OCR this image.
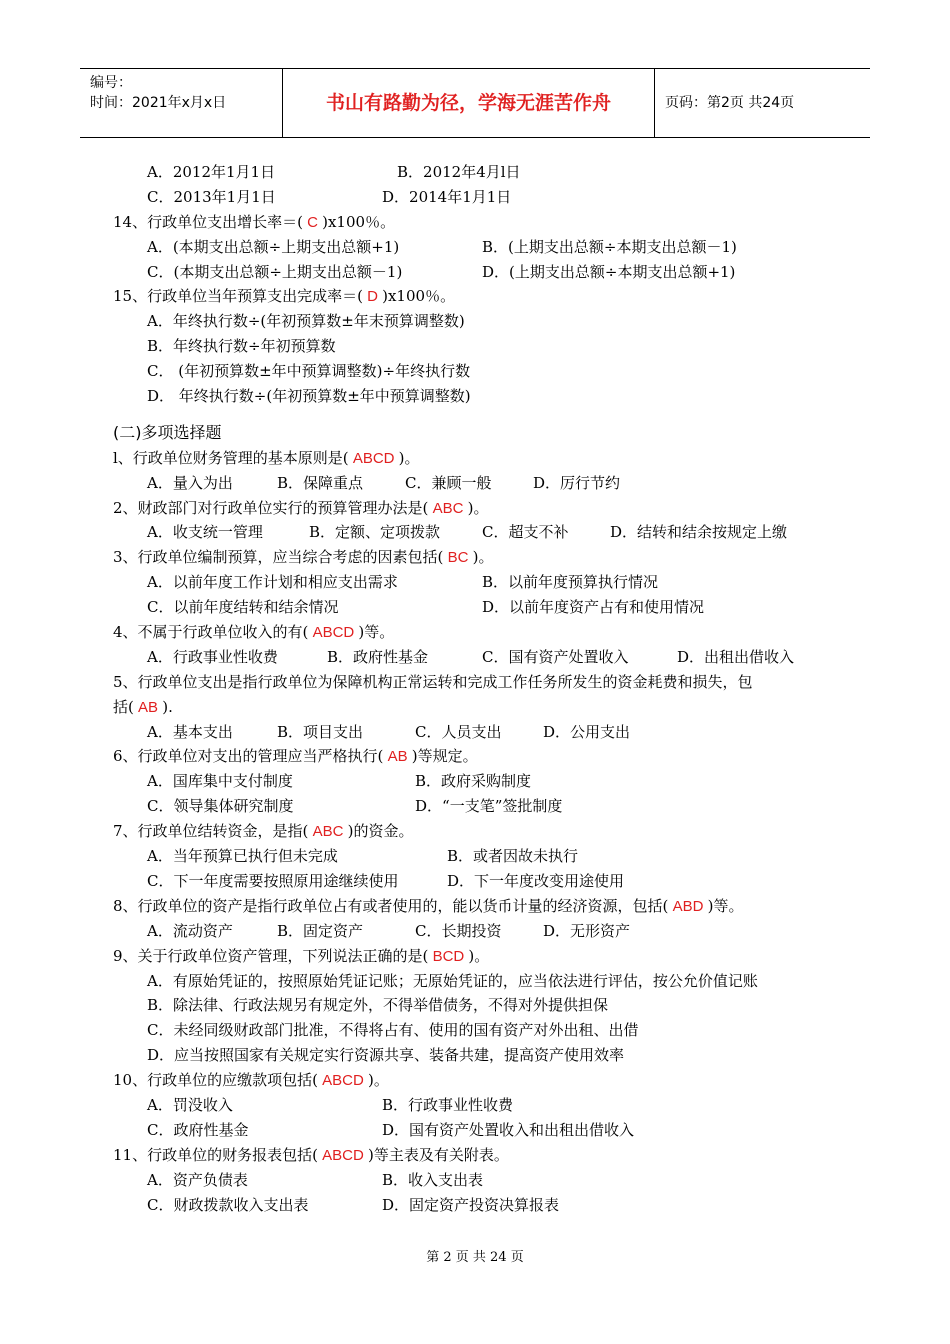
编号：
时间：2021年x月x日	书山有路勤为径，学海无涯苦作舟	页码：第2页 共24页
A．2012年1月1日	B．2012年4月l日
C．2013年1月1日	D．2014年1月1日
14、行政单位支出增长率＝( C )x100％。
A．(本期支出总额÷上期支出总额+1)	B．(上期支出总额÷本期支出总额－1)
C．(本期支出总额÷上期支出总额－1)	D．(上期支出总额÷本期支出总额+1)
15、行政单位当年预算支出完成率＝( D )x100％。
A．年终执行数÷(年初预算数±年末预算调整数)
B．年终执行数÷年初预算数
C． (年初预算数±年中预算调整数)÷年终执行数
D． 年终执行数÷(年初预算数±年中预算调整数)
(二)多项选择题
l、行政单位财务管理的基本原则是( ABCD )。
A．量入为出	B．保障重点	C．兼顾一般	D．厉行节约
2、财政部门对行政单位实行的预算管理办法是( ABC )。
A．收支统一管理	B．定额、定项拨款	C．超支不补	D．结转和结余按规定上缴
3、行政单位编制预算，应当综合考虑的因素包括( BC )。
A．以前年度工作计划和相应支出需求	B．以前年度预算执行情况
C．以前年度结转和结余情况	D．以前年度资产占有和使用情况
4、不属于行政单位收入的有( ABCD )等。
A．行政事业性收费	B．政府性基金	C．国有资产处置收入	D．出租出借收入
5、行政单位支出是指行政单位为保障机构正常运转和完成工作任务所发生的资金耗费和损失，包
括( AB ).
A．基本支出	B．项目支出	C．人员支出	D．公用支出
6、行政单位对支出的管理应当严格执行( AB )等规定。
A．国库集中支付制度	B．政府采购制度
C．领导集体研究制度	D．“一支笔”签批制度
7、行政单位结转资金，是指( ABC )的资金。
A．当年预算已执行但未完成	B．或者因故未执行
C．下一年度需要按照原用途继续使用	D．下一年度改变用途使用
8、行政单位的资产是指行政单位占有或者使用的，能以货币计量的经济资源，包括( ABD )等。
A．流动资产	B．固定资产	C．长期投资	D．无形资产
9、关于行政单位资产管理，下列说法正确的是( BCD )。
A．有原始凭证的，按照原始凭证记账；无原始凭证的，应当依法进行评估，按公允价值记账
B．除法律、行政法规另有规定外，不得举借债务，不得对外提供担保
C．未经同级财政部门批准，不得将占有、使用的国有资产对外出租、出借
D．应当按照国家有关规定实行资源共享、装备共建，提高资产使用效率
10、行政单位的应缴款项包括( ABCD )。
A．罚没收入	B．行政事业性收费
C．政府性基金	D．国有资产处置收入和出租出借收入
11、行政单位的财务报表包括( ABCD )等主表及有关附表。
A．资产负债表	B．收入支出表
C．财政拨款收入支出表	D．固定资产投资决算报表
第 2 页 共 24 页
